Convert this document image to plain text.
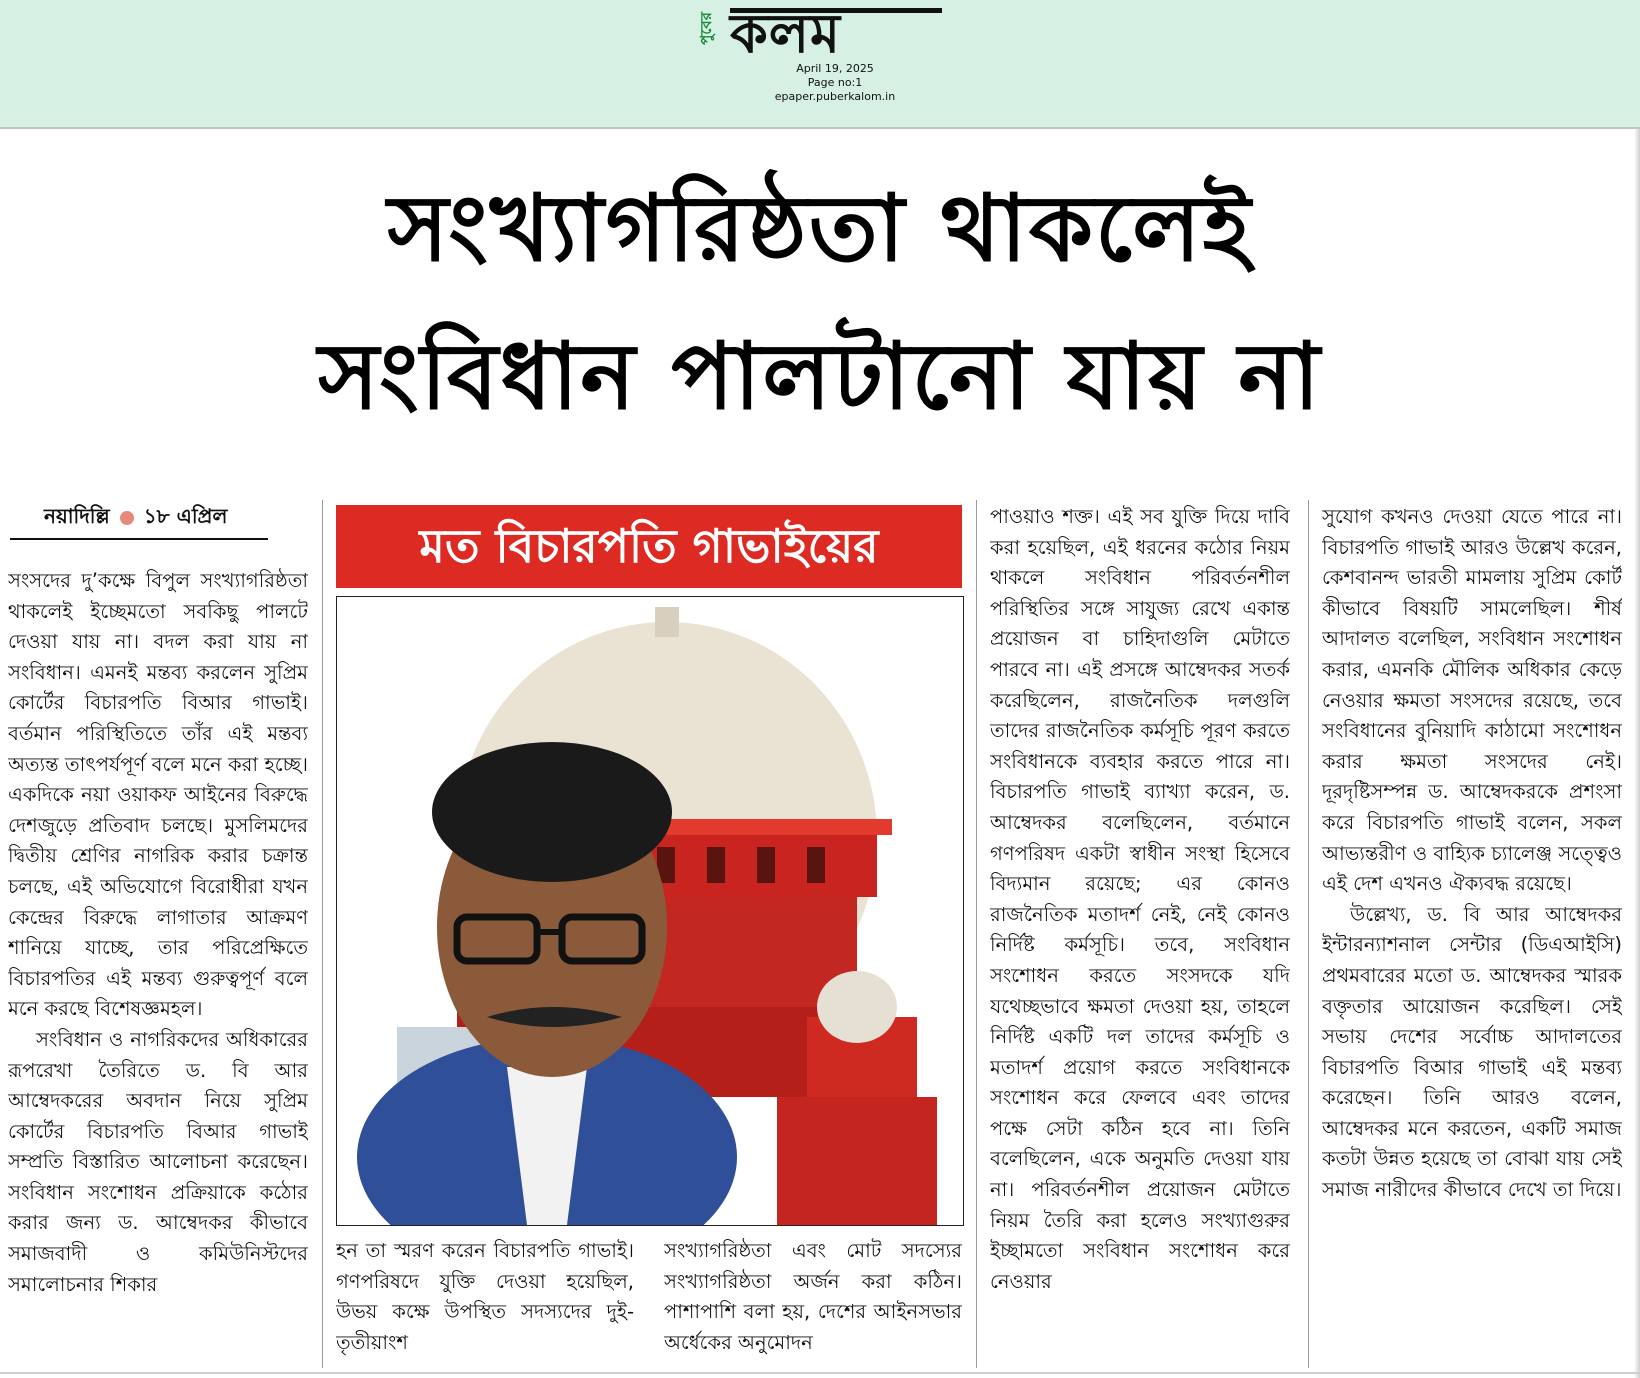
পুবের কলম
April 19, 2025
Page no:1
epaper.puberkalom.in
সংখ্যাগরিষ্ঠতা থাকলেই
সংবিধান পালটানো যায় না
নয়াদিল্লি ১৮ এপ্রিল

সংসদের দু’কক্ষে বিপুল সংখ্যাগরিষ্ঠতা থাকলেই ইচ্ছেমতো সবকিছু পালটে দেওয়া যায় না। বদল করা যায় না সংবিধান। এমনই মন্তব্য করলেন সুপ্রিম কোর্টের বিচারপতি বিআর গাভাই। বর্তমান পরিস্থিতিতে তাঁর এই মন্তব্য অত্যন্ত তাৎপর্যপূর্ণ বলে মনে করা হচ্ছে। একদিকে নয়া ওয়াকফ আইনের বিরুদ্ধে দেশজুড়ে প্রতিবাদ চলছে। মুসলিমদের দ্বিতীয় শ্রেণির নাগরিক করার চক্রান্ত চলছে, এই অভিযোগে বিরোধীরা যখন কেন্দ্রের বিরুদ্ধে লাগাতার আক্রমণ শানিয়ে যাচ্ছে, তার পরিপ্রেক্ষিতে বিচারপতির এই মন্তব্য গুরুত্বপূর্ণ বলে মনে করছে বিশেষজ্ঞমহল।

সংবিধান ও নাগরিকদের অধিকারের রূপরেখা তৈরিতে ড. বি আর আম্বেদকরের অবদান নিয়ে সুপ্রিম কোর্টের বিচারপতি বিআর গাভাই সম্প্রতি বিস্তারিত আলোচনা করেছেন। সংবিধান সংশোধন প্রক্রিয়াকে কঠোর করার জন্য ড. আম্বেদকর কীভাবে সমাজবাদী ও কমিউনিস্টদের সমালোচনার শিকার

মত বিচারপতি গাভাইয়ের

হন তা স্মরণ করেন বিচারপতি গাভাই। গণপরিষদে যুক্তি দেওয়া হয়েছিল, উভয় কক্ষে উপস্থিত সদস্যদের দুই-তৃতীয়াংশ

সংখ্যাগরিষ্ঠতা এবং মোট সদস্যের সংখ্যাগরিষ্ঠতা অর্জন করা কঠিন। পাশাপাশি বলা হয়, দেশের আইনসভার অর্ধেকের অনুমোদন

পাওয়াও শক্ত। এই সব যুক্তি দিয়ে দাবি করা হয়েছিল, এই ধরনের কঠোর নিয়ম থাকলে সংবিধান পরিবর্তনশীল পরিস্থিতির সঙ্গে সাযুজ্য রেখে একান্ত প্রয়োজন বা চাহিদাগুলি মেটাতে পারবে না। এই প্রসঙ্গে আম্বেদকর সতর্ক করেছিলেন, রাজনৈতিক দলগুলি তাদের রাজনৈতিক কর্মসূচি পূরণ করতে সংবিধানকে ব্যবহার করতে পারে না। বিচারপতি গাভাই ব্যাখ্যা করেন, ড. আম্বেদকর বলেছিলেন, বর্তমানে গণপরিষদ একটা স্বাধীন সংস্থা হিসেবে বিদ্যমান রয়েছে; এর কোনও রাজনৈতিক মতাদর্শ নেই, নেই কোনও নির্দিষ্ট কর্মসূচি। তবে, সংবিধান সংশোধন করতে সংসদকে যদি যথেচ্ছভাবে ক্ষমতা দেওয়া হয়, তাহলে নির্দিষ্ট একটি দল তাদের কর্মসূচি ও মতাদর্শ প্রয়োগ করতে সংবিধানকে সংশোধন করে ফেলবে এবং তাদের পক্ষে সেটা কঠিন হবে না। তিনি বলেছিলেন, একে অনুমতি দেওয়া যায় না। পরিবর্তনশীল প্রয়োজন মেটাতে নিয়ম তৈরি করা হলেও সংখ্যাগুরুর ইচ্ছামতো সংবিধান সংশোধন করে নেওয়ার

সুযোগ কখনও দেওয়া যেতে পারে না। বিচারপতি গাভাই আরও উল্লেখ করেন, কেশবানন্দ ভারতী মামলায় সুপ্রিম কোর্ট কীভাবে বিষয়টি সামলেছিল। শীর্ষ আদালত বলেছিল, সংবিধান সংশোধন করার, এমনকি মৌলিক অধিকার কেড়ে নেওয়ার ক্ষমতা সংসদের রয়েছে, তবে সংবিধানের বুনিয়াদি কাঠামো সংশোধন করার ক্ষমতা সংসদের নেই। দূরদৃষ্টিসম্পন্ন ড. আম্বেদকরকে প্রশংসা করে বিচারপতি গাভাই বলেন, সকল আভ্যন্তরীণ ও বাহ্যিক চ্যালেঞ্জ সত্ত্বেও এই দেশ এখনও ঐক্যবদ্ধ রয়েছে।

উল্লেখ্য, ড. বি আর আম্বেদকর ইন্টারন্যাশনাল সেন্টার (ডিএআইসি) প্রথমবারের মতো ড. আম্বেদকর স্মারক বক্তৃতার আয়োজন করেছিল। সেই সভায় দেশের সর্বোচ্চ আদালতের বিচারপতি বিআর গাভাই এই মন্তব্য করেছেন। তিনি আরও বলেন, আম্বেদকর মনে করতেন, একটি সমাজ কতটা উন্নত হয়েছে তা বোঝা যায় সেই সমাজ নারীদের কীভাবে দেখে তা দিয়ে।
